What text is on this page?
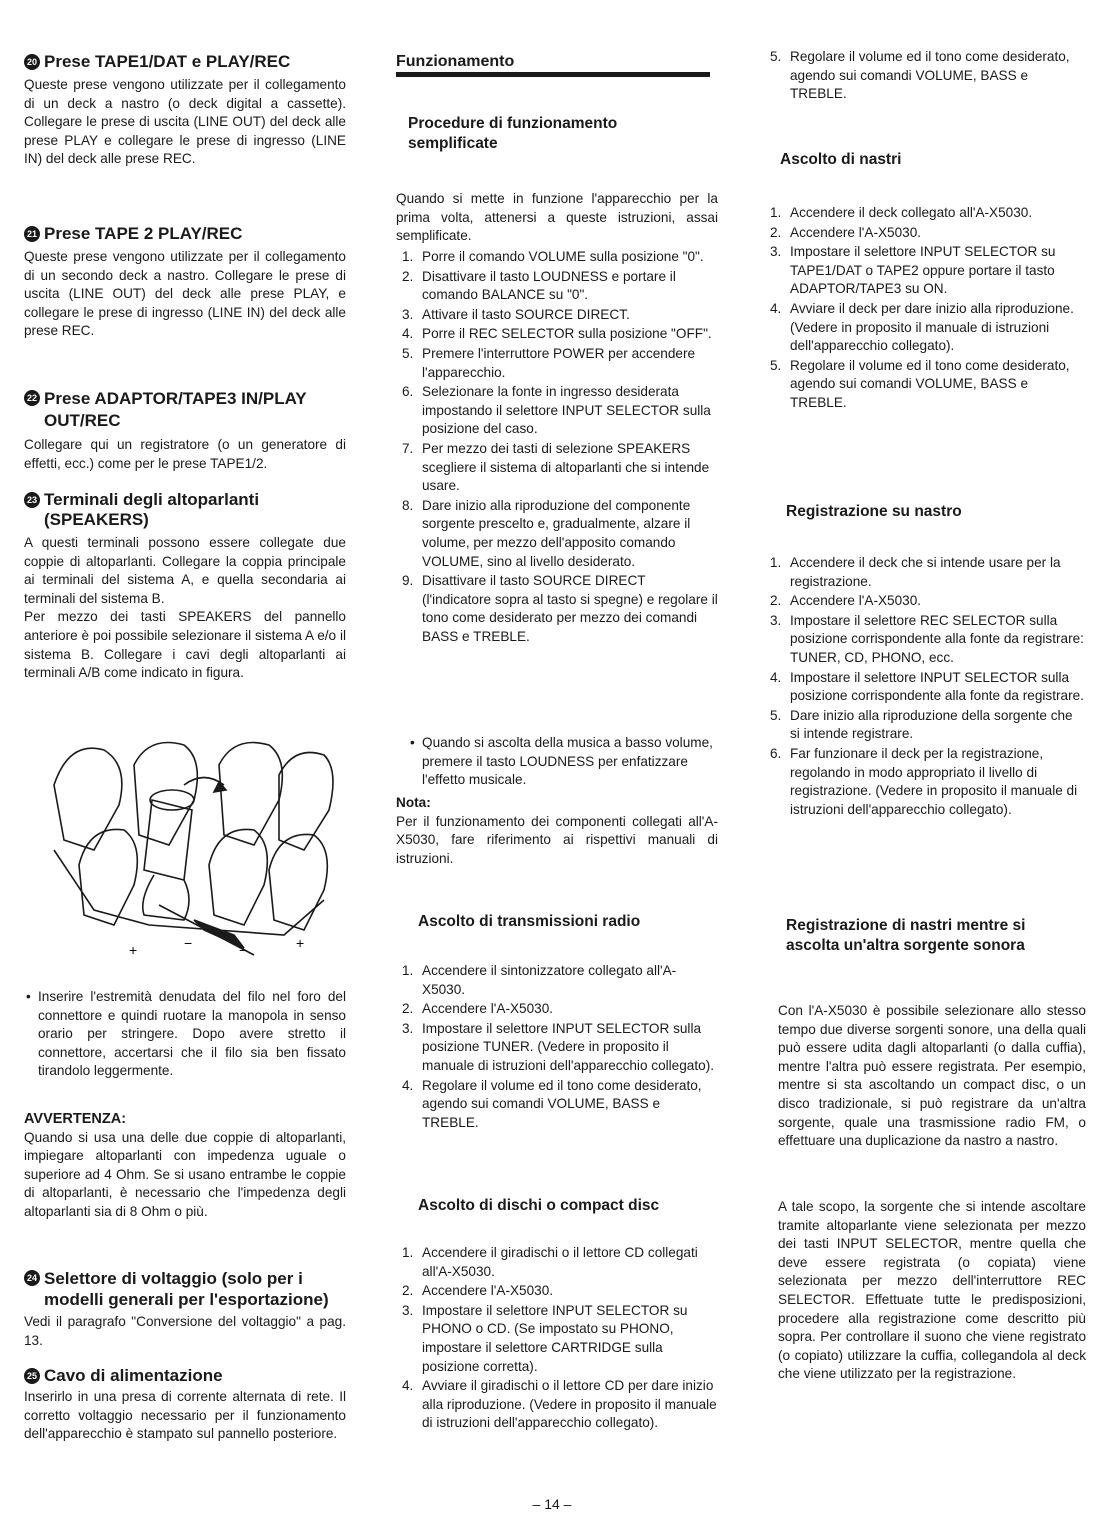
20 Prese TAPE1/DAT e PLAY/REC

Queste prese vengono utilizzate per il collegamento di un deck a nastro (o deck digital a cassette). Collegare le prese di uscita (LINE OUT) del deck alle prese PLAY e collegare le prese di ingresso (LINE IN) del deck alle prese REC.

21 Prese TAPE 2 PLAY/REC

Queste prese vengono utilizzate per il collegamento di un secondo deck a nastro. Collegare le prese di uscita (LINE OUT) del deck alle prese PLAY, e collegare le prese di ingresso (LINE IN) del deck alle prese REC.

22 Prese ADAPTOR/TAPE3 IN/PLAY OUT/REC

Collegare qui un registratore (o un generatore di effetti, ecc.) come per le prese TAPE1/2.

23 Terminali degli altoparlanti (SPEAKERS)

A questi terminali possono essere collegate due coppie di altoparlanti. Collegare la coppia principale ai terminali del sistema A, e quella secondaria ai terminali del sistema B.

Per mezzo dei tasti SPEAKERS del pannello anteriore è poi possibile selezionare il sistema A e/o il sistema B. Collegare i cavi degli altoparlanti ai terminali A/B come indicato in figura.

+	−	−	+
• Inserire l'estremità denudata del filo nel foro del connettore e quindi ruotare la manopola in senso orario per stringere. Dopo avere stretto il connettore, accertarsi che il filo sia ben fissato tirandolo leggermente.

AVVERTENZA:

Quando si usa una delle due coppie di altoparlanti, impiegare altoparlanti con impedenza uguale o superiore ad 4 Ohm. Se si usano entrambe le coppie di altoparlanti, è necessario che l'impedenza degli altoparlanti sia di 8 Ohm o più.

24 Selettore di voltaggio (solo per i modelli generali per l'esportazione)

Vedi il paragrafo "Conversione del voltaggio" a pag. 13.

25 Cavo di alimentazione

Inserirlo in una presa di corrente alternata di rete. Il corretto voltaggio necessario per il funzionamento dell'apparecchio è stampato sul pannello posteriore.

Funzionamento

Procedure di funzionamento semplificate

Quando si mette in funzione l'apparecchio per la prima volta, attenersi a queste istruzioni, assai semplificate.

1. Porre il comando VOLUME sulla posizione "0".
2. Disattivare il tasto LOUDNESS e portare il comando BALANCE su "0".
3. Attivare il tasto SOURCE DIRECT.
4. Porre il REC SELECTOR sulla posizione "OFF".
5. Premere l'interruttore POWER per accendere l'apparecchio.
6. Selezionare la fonte in ingresso desiderata impostando il selettore INPUT SELECTOR sulla posizione del caso.
7. Per mezzo dei tasti di selezione SPEAKERS scegliere il sistema di altoparlanti che si intende usare.
8. Dare inizio alla riproduzione del componente sorgente prescelto e, gradualmente, alzare il volume, per mezzo dell'apposito comando VOLUME, sino al livello desiderato.
9. Disattivare il tasto SOURCE DIRECT (l'indicatore sopra al tasto si spegne) e regolare il tono come desiderato per mezzo dei comandi BASS e TREBLE.
• Quando si ascolta della musica a basso volume, premere il tasto LOUDNESS per enfatizzare l'effetto musicale.

Nota:

Per il funzionamento dei componenti collegati all'A-X5030, fare riferimento ai rispettivi manuali di istruzioni.

Ascolto di transmissioni radio

1. Accendere il sintonizzatore collegato all'A-X5030.
2. Accendere l'A-X5030.
3. Impostare il selettore INPUT SELECTOR sulla posizione TUNER. (Vedere in proposito il manuale di istruzioni dell'apparecchio collegato).
4. Regolare il volume ed il tono come desiderato, agendo sui comandi VOLUME, BASS e TREBLE.

Ascolto di dischi o compact disc

1. Accendere il giradischi o il lettore CD collegati all'A-X5030.
2. Accendere l'A-X5030.
3. Impostare il selettore INPUT SELECTOR su PHONO o CD. (Se impostato su PHONO, impostare il selettore CARTRIDGE sulla posizione corretta).
4. Avviare il giradischi o il lettore CD per dare inizio alla riproduzione. (Vedere in proposito il manuale di istruzioni dell'apparecchio collegato).
5. Regolare il volume ed il tono come desiderato, agendo sui comandi VOLUME, BASS e TREBLE.

Ascolto di nastri

1. Accendere il deck collegato all'A-X5030.
2. Accendere l'A-X5030.
3. Impostare il selettore INPUT SELECTOR su TAPE1/DAT o TAPE2 oppure portare il tasto ADAPTOR/TAPE3 su ON.
4. Avviare il deck per dare inizio alla riproduzione. (Vedere in proposito il manuale di istruzioni dell'apparecchio collegato).
5. Regolare il volume ed il tono come desiderato, agendo sui comandi VOLUME, BASS e TREBLE.

Registrazione su nastro

1. Accendere il deck che si intende usare per la registrazione.
2. Accendere l'A-X5030.
3. Impostare il selettore REC SELECTOR sulla posizione corrispondente alla fonte da registrare: TUNER, CD, PHONO, ecc.
4. Impostare il selettore INPUT SELECTOR sulla posizione corrispondente alla fonte da registrare.
5. Dare inizio alla riproduzione della sorgente che si intende registrare.
6. Far funzionare il deck per la registrazione, regolando in modo appropriato il livello di registrazione. (Vedere in proposito il manuale di istruzioni dell'apparecchio collegato).

Registrazione di nastri mentre si ascolta un'altra sorgente sonora

Con l'A-X5030 è possibile selezionare allo stesso tempo due diverse sorgenti sonore, una della quali può essere udita dagli altoparlanti (o dalla cuffia), mentre l'altra può essere registrata. Per esempio, mentre si sta ascoltando un compact disc, o un disco tradizionale, si può registrare da un'altra sorgente, quale una trasmissione radio FM, o effettuare una duplicazione da nastro a nastro.

A tale scopo, la sorgente che si intende ascoltare tramite altoparlante viene selezionata per mezzo dei tasti INPUT SELECTOR, mentre quella che deve essere registrata (o copiata) viene selezionata per mezzo dell'interruttore REC SELECTOR. Effettuate tutte le predisposizioni, procedere alla registrazione come descritto più sopra. Per controllare il suono che viene registrato (o copiato) utilizzare la cuffia, collegandola al deck che viene utilizzato per la registrazione.

– 14 –
